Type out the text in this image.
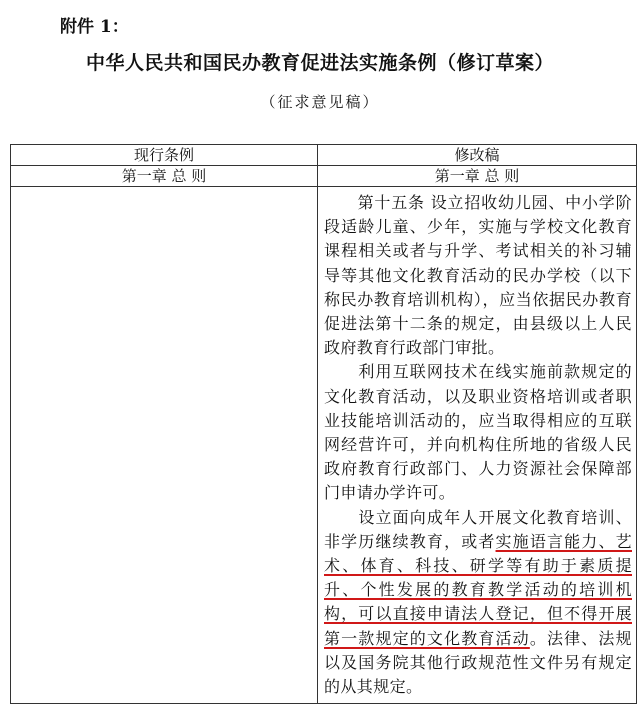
附件 1：
中华人民共和国民办教育促进法实施条例（修订草案）
（征求意见稿）
现行条例	修改稿
第一章 总 则	第一章 总 则

	　　第十五条 设立招收幼儿园、中小学阶段适龄儿童、少年，实施与学校文化教育课程相关或者与升学、考试相关的补习辅导等其他文化教育活动的民办学校（以下称民办教育培训机构），应当依据民办教育促进法第十二条的规定，由县级以上人民政府教育行政部门审批。

　　利用互联网技术在线实施前款规定的文化教育活动，以及职业资格培训或者职业技能培训活动的，应当取得相应的互联网经营许可，并向机构住所地的省级人民政府教育行政部门、人力资源社会保障部门申请办学许可。

　　设立面向成年人开展文化教育培训、非学历继续教育，或者实施语言能力、艺术、体育、科技、研学等有助于素质提升、个性发展的教育教学活动的培训机构，可以直接申请法人登记，但不得开展第一款规定的文化教育活动。法律、法规以及国务院其他行政规范性文件另有规定的从其规定。
